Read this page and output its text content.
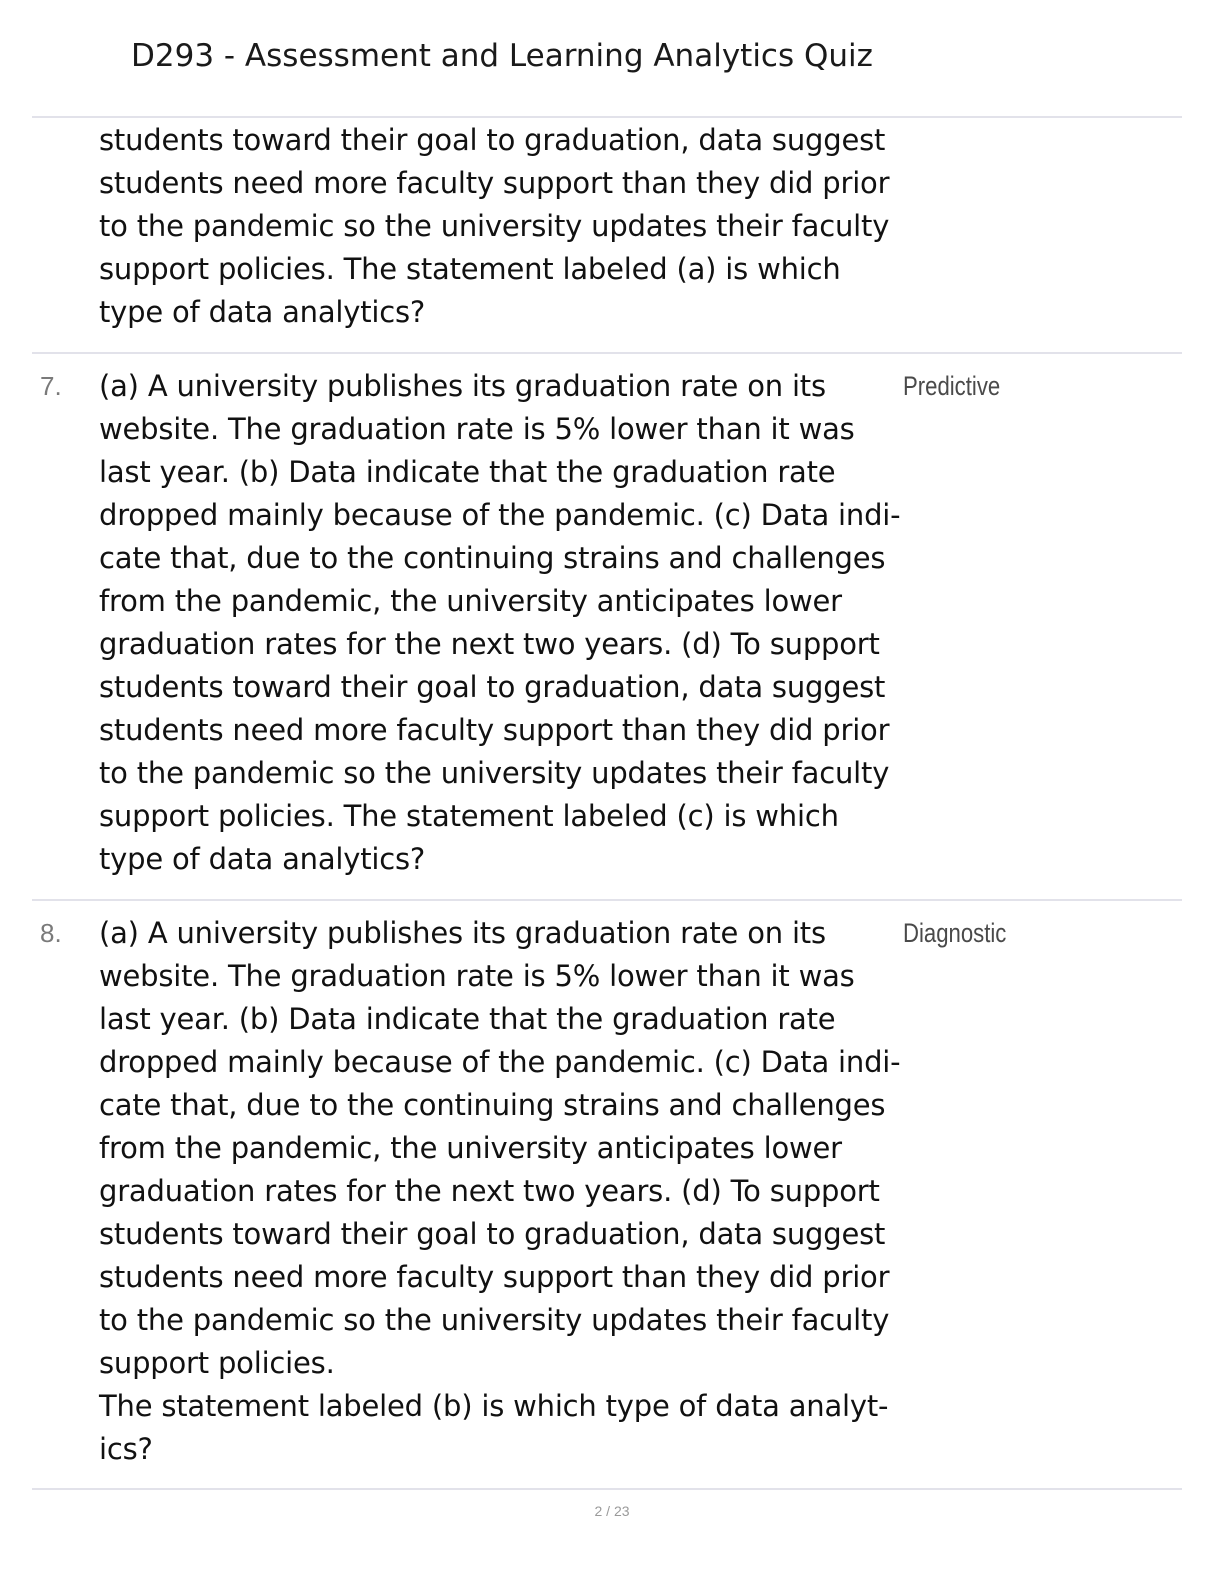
D293 - Assessment and Learning Analytics Quiz
students toward their goal to graduation, data suggest
students need more faculty support than they did prior
to the pandemic so the university updates their faculty
support policies. The statement labeled (a) is which
type of data analytics?
7. (a) A university publishes its graduation rate on its
website. The graduation rate is 5% lower than it was
last year. (b) Data indicate that the graduation rate
dropped mainly because of the pandemic. (c) Data indi-
cate that, due to the continuing strains and challenges
from the pandemic, the university anticipates lower
graduation rates for the next two years. (d) To support
students toward their goal to graduation, data suggest
students need more faculty support than they did prior
to the pandemic so the university updates their faculty
support policies. The statement labeled (c) is which
type of data analytics?
Predictive
8. (a) A university publishes its graduation rate on its
website. The graduation rate is 5% lower than it was
last year. (b) Data indicate that the graduation rate
dropped mainly because of the pandemic. (c) Data indi-
cate that, due to the continuing strains and challenges
from the pandemic, the university anticipates lower
graduation rates for the next two years. (d) To support
students toward their goal to graduation, data suggest
students need more faculty support than they did prior
to the pandemic so the university updates their faculty
support policies.
The statement labeled (b) is which type of data analyt-
ics?
Diagnostic
2 / 23
